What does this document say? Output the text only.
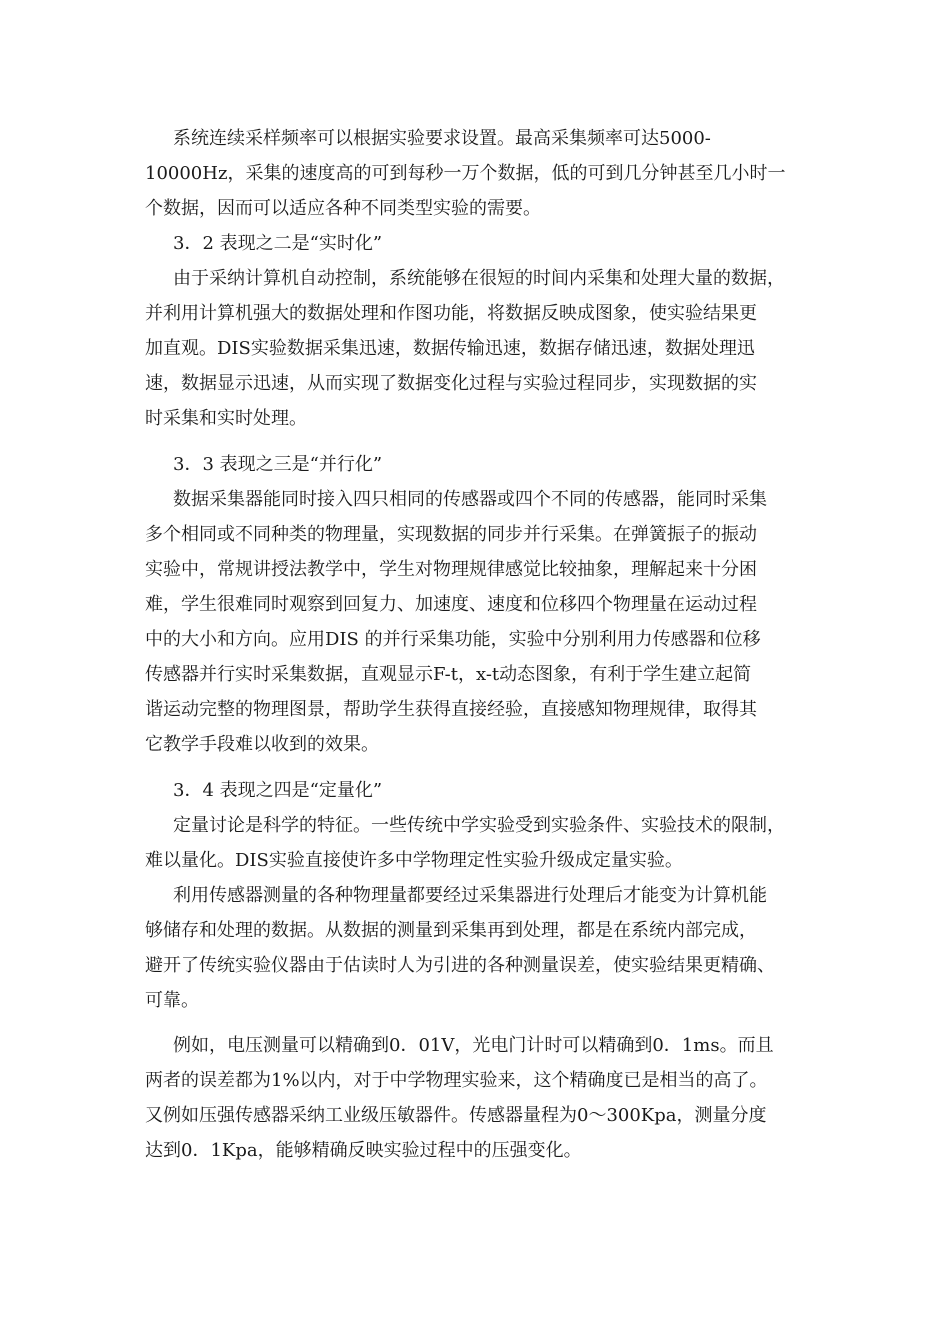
系统连续采样频率可以根据实验要求设置。最高采集频率可达5000-
10000Hz，采集的速度高的可到每秒一万个数据，低的可到几分钟甚至几小时一
个数据，因而可以适应各种不同类型实验的需要。
3．2 表现之二是“实时化”
由于采纳计算机自动控制，系统能够在很短的时间内采集和处理大量的数据，
并利用计算机强大的数据处理和作图功能，将数据反映成图象，使实验结果更
加直观。DIS实验数据采集迅速，数据传输迅速，数据存储迅速，数据处理迅
速，数据显示迅速，从而实现了数据变化过程与实验过程同步，实现数据的实
时采集和实时处理。
3．3 表现之三是“并行化”
数据采集器能同时接入四只相同的传感器或四个不同的传感器，能同时采集
多个相同或不同种类的物理量，实现数据的同步并行采集。在弹簧振子的振动
实验中，常规讲授法教学中，学生对物理规律感觉比较抽象，理解起来十分困
难，学生很难同时观察到回复力、加速度、速度和位移四个物理量在运动过程
中的大小和方向。应用DIS 的并行采集功能，实验中分别利用力传感器和位移
传感器并行实时采集数据，直观显示F-t，x-t动态图象，有利于学生建立起简
谐运动完整的物理图景，帮助学生获得直接经验，直接感知物理规律，取得其
它教学手段难以收到的效果。
3．4 表现之四是“定量化”
定量讨论是科学的特征。一些传统中学实验受到实验条件、实验技术的限制，
难以量化。DIS实验直接使许多中学物理定性实验升级成定量实验。
利用传感器测量的各种物理量都要经过采集器进行处理后才能变为计算机能
够储存和处理的数据。从数据的测量到采集再到处理，都是在系统内部完成，
避开了传统实验仪器由于估读时人为引进的各种测量误差，使实验结果更精确、
可靠。
例如，电压测量可以精确到0．01V，光电门计时可以精确到0．1ms。而且
两者的误差都为1%以内，对于中学物理实验来，这个精确度已是相当的高了。
又例如压强传感器采纳工业级压敏器件。传感器量程为0～300Kpa，测量分度
达到0．1Kpa，能够精确反映实验过程中的压强变化。
